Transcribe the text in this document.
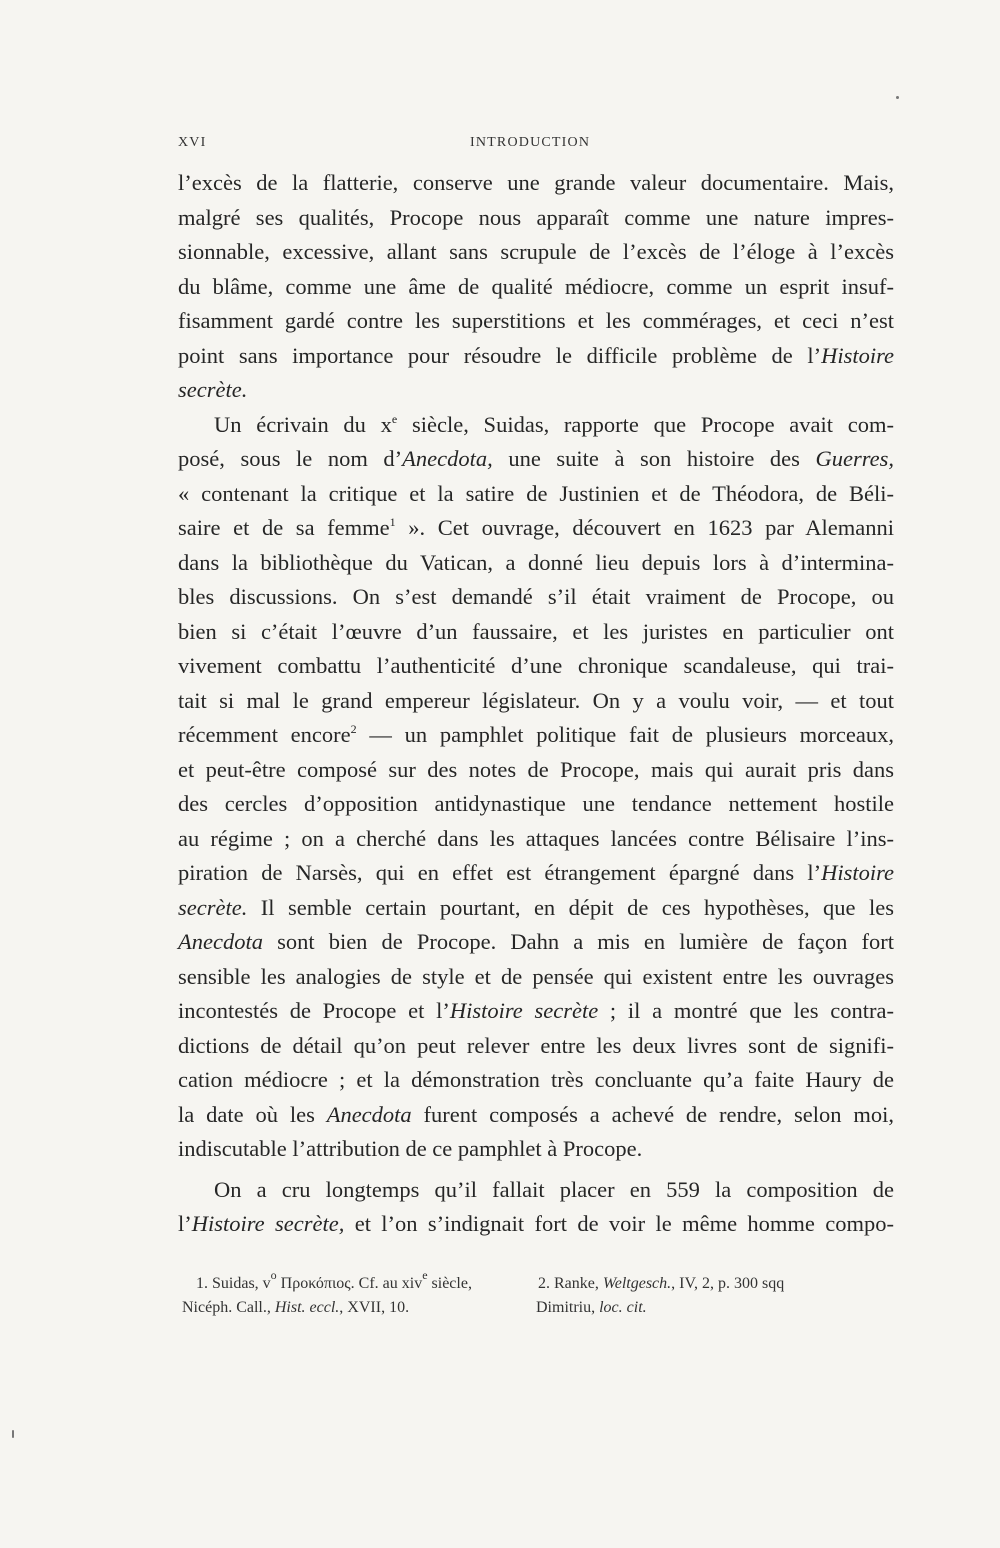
XVI	INTRODUCTION
l’excès de la flatterie, conserve une grande valeur documentaire. Mais,
malgré ses qualités, Procope nous apparaît comme une nature impres-
sionnable, excessive, allant sans scrupule de l’excès de l’éloge à l’excès
du blâme, comme une âme de qualité médiocre, comme un esprit insuf-
fisamment gardé contre les superstitions et les commérages, et ceci n’est
point sans importance pour résoudre le difficile problème de l’Histoire
secrète.
Un écrivain du $x^e$ siècle, Suidas, rapporte que Procope avait com-
posé, sous le nom d’Anecdota, une suite à son histoire des Guerres,
« contenant la critique et la satire de Justinien et de Théodora, de Béli-
saire et de sa femme$^1$ ». Cet ouvrage, découvert en 1623 par Alemanni
dans la bibliothèque du Vatican, a donné lieu depuis lors à d’intermina-
bles discussions. On s’est demandé s’il était vraiment de Procope, ou
bien si c’était l’œuvre d’un faussaire, et les juristes en particulier ont
vivement combattu l’authenticité d’une chronique scandaleuse, qui trai-
tait si mal le grand empereur législateur. On y a voulu voir, — et tout
récemment encore$^2$ — un pamphlet politique fait de plusieurs morceaux,
et peut-être composé sur des notes de Procope, mais qui aurait pris dans
des cercles d’opposition antidynastique une tendance nettement hostile
au régime ; on a cherché dans les attaques lancées contre Bélisaire l’ins-
piration de Narsès, qui en effet est étrangement épargné dans l’Histoire
secrète. Il semble certain pourtant, en dépit de ces hypothèses, que les
Anecdota sont bien de Procope. Dahn a mis en lumière de façon fort
sensible les analogies de style et de pensée qui existent entre les ouvrages
incontestés de Procope et l’Histoire secrète ; il a montré que les contra-
dictions de détail qu’on peut relever entre les deux livres sont de signifi-
cation médiocre ; et la démonstration très concluante qu’a faite Haury de
la date où les Anecdota furent composés a achevé de rendre, selon moi,
indiscutable l’attribution de ce pamphlet à Procope.
On a cru longtemps qu’il fallait placer en 559 la composition de
l’Histoire secrète, et l’on s’indignait fort de voir le même homme compo-
1. Suidas, $v^o$ Προκόπιος. Cf. au xiv$^e$ siècle,
Nicéph. Call., Hist. eccl., XVII, 10.
2. Ranke, Weltgesch., IV, 2, p. 300 sqq
Dimitriu, loc. cit.
